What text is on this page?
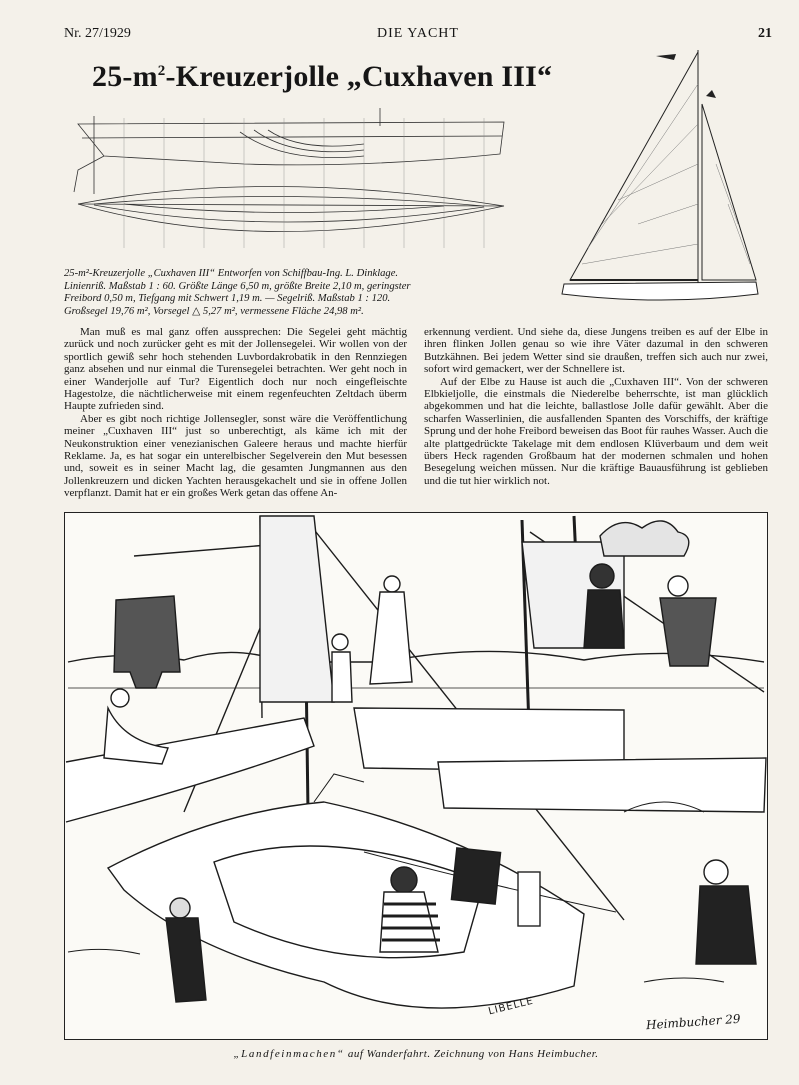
Nr. 27/1929	DIE YACHT	21
$25-m^2$-Kreuzerjolle „Cuxhaven III“
25-m²-Kreuzerjolle „Cuxhaven III“ Entworfen von Schiffbau-Ing. L. Dinklage.
Linienriß. Maßstab 1 : 60. Größte Länge 6,50 m, größte Breite 2,10 m, geringster
Freibord 0,50 m, Tiefgang mit Schwert 1,19 m. — Segelriß. Maßstab 1 : 120.
Großsegel 19,76 m², Vorsegel △ 5,27 m², vermessene Fläche 24,98 m².

Man muß es mal ganz offen aussprechen: Die Segelei geht mächtig zurück und noch zurücker geht es mit der Jollensegelei. Wir wollen von der sportlich gewiß sehr hoch stehenden Luvbordakrobatik in den Rennziegen ganz absehen und nur einmal die Turensegelei betrachten. Wer geht noch in einer Wanderjolle auf Tur? Eigentlich doch nur noch eingefleischte Hagestolze, die nächtlicherweise mit einem regenfeuchten Zeltdach überm Haupte zufrieden sind.

Aber es gibt noch richtige Jollensegler, sonst wäre die Veröffentlichung meiner „Cuxhaven III“ just so unberechtigt, als käme ich mit der Neukonstruktion einer venezianischen Galeere heraus und machte hierfür Reklame. Ja, es hat sogar ein unterelbischer Segelverein den Mut besessen und, soweit es in seiner Macht lag, die gesamten Jungmannen aus den Jollenkreuzern und dicken Yachten herausgekachelt und sie in offene Jollen verpflanzt. Damit hat er ein großes Werk getan das offene An-

erkennung verdient. Und siehe da, diese Jungens treiben es auf der Elbe in ihren flinken Jollen genau so wie ihre Väter dazumal in den schweren Butzkähnen. Bei jedem Wetter sind sie draußen, treffen sich auch nur zwei, sofort wird gemackert, wer der Schnellere ist.

Auf der Elbe zu Hause ist auch die „Cuxhaven III“. Von der schweren Elbkieljolle, die einstmals die Niederelbe beherrschte, ist man glücklich abgekommen und hat die leichte, ballastlose Jolle dafür gewählt. Aber die scharfen Wasserlinien, die ausfallenden Spanten des Vorschiffs, der kräftige Sprung und der hohe Freibord beweisen das Boot für rauhes Wasser. Auch die alte plattgedrückte Takelage mit dem endlosen Klüverbaum und dem weit übers Heck ragenden Großbaum hat der modernen schmalen und hohen Besegelung weichen müssen. Nur die kräftige Bauausführung ist geblieben und die tut hier wirklich not.

LIBELLE
Heimbucher 29
„Landfeinmachen“ auf Wanderfahrt. Zeichnung von Hans Heimbucher.
